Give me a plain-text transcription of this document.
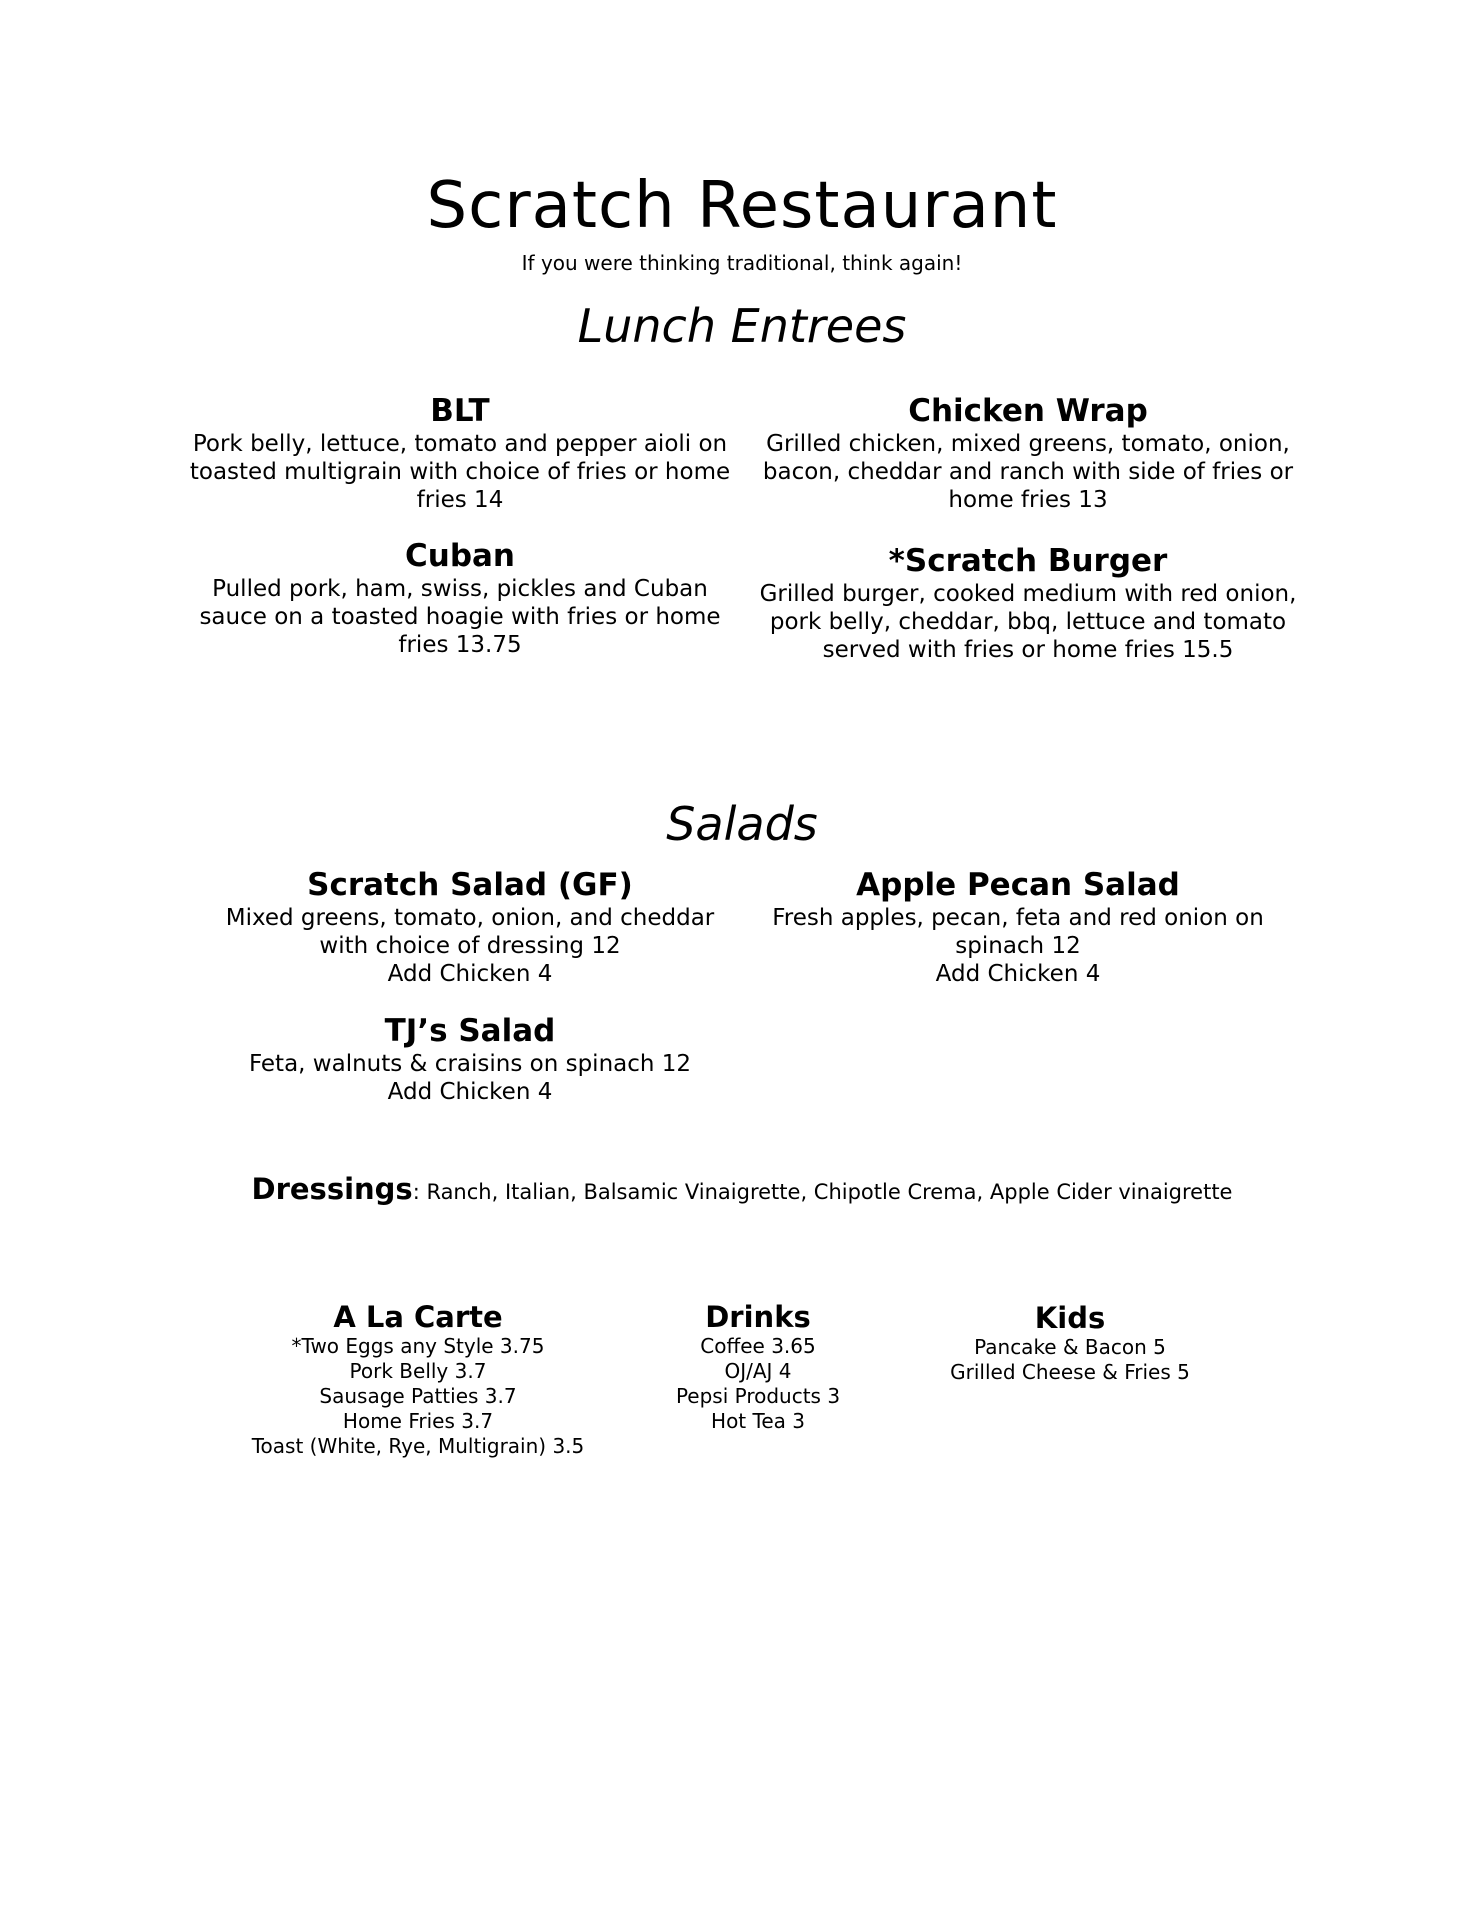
Scratch Restaurant
If you were thinking traditional, think again!
Lunch Entrees
BLT
Pork belly, lettuce, tomato and pepper aioli on
toasted multigrain with choice of fries or home
fries 14
Chicken Wrap
Grilled chicken, mixed greens, tomato, onion,
bacon, cheddar and ranch with side of fries or
home fries 13
Cuban
Pulled pork, ham, swiss, pickles and Cuban
sauce on a toasted hoagie with fries or home
fries 13.75
*Scratch Burger
Grilled burger, cooked medium with red onion,
pork belly, cheddar, bbq, lettuce and tomato
served with fries or home fries 15.5
Salads
Scratch Salad (GF)
Mixed greens, tomato, onion, and cheddar
with choice of dressing 12
Add Chicken 4
Apple Pecan Salad
Fresh apples, pecan, feta and red onion on
spinach 12
Add Chicken 4
TJ’s Salad
Feta, walnuts & craisins on spinach 12
Add Chicken 4
Dressings: Ranch, Italian, Balsamic Vinaigrette, Chipotle Crema, Apple Cider vinaigrette
A La Carte
*Two Eggs any Style 3.75
Pork Belly 3.7
Sausage Patties 3.7
Home Fries 3.7
Toast (White, Rye, Multigrain) 3.5
Drinks
Coffee 3.65
OJ/AJ 4
Pepsi Products 3
Hot Tea 3
Kids
Pancake & Bacon 5
Grilled Cheese & Fries 5
